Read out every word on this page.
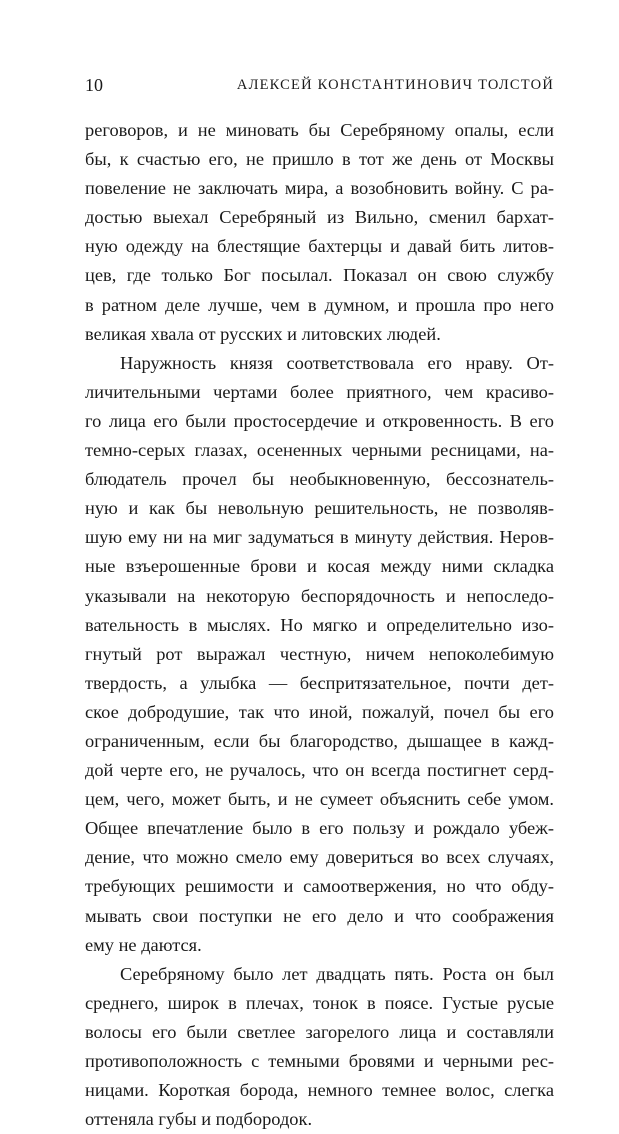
10	АЛЕКСЕЙ КОНСТАНТИНОВИЧ ТОЛСТОЙ
реговоров, и не миновать бы Серебряному опалы, если
бы, к счастью его, не пришло в тот же день от Москвы
повеление не заключать мира, а возобновить войну. С ра-
достью выехал Серебряный из Вильно, сменил бархат-
ную одежду на блестящие бахтерцы и давай бить литов-
цев, где только Бог посылал. Показал он свою службу
в ратном деле лучше, чем в думном, и прошла про него
великая хвала от русских и литовских людей.
Наружность князя соответствовала его нраву. От-
личительными чертами более приятного, чем красиво-
го лица его были простосердечие и откровенность. В его
темно-серых глазах, осененных черными ресницами, на-
блюдатель прочел бы необыкновенную, бессознатель-
ную и как бы невольную решительность, не позволяв-
шую ему ни на миг задуматься в минуту действия. Неров-
ные взъерошенные брови и косая между ними складка
указывали на некоторую беспорядочность и непоследо-
вательность в мыслях. Но мягко и определительно изо-
гнутый рот выражал честную, ничем непоколебимую
твердость, а улыбка — беспритязательное, почти дет-
ское добродушие, так что иной, пожалуй, почел бы его
ограниченным, если бы благородство, дышащее в кажд-
дой черте его, не ручалось, что он всегда постигнет серд-
цем, чего, может быть, и не сумеет объяснить себе умом.
Общее впечатление было в его пользу и рождало убеж-
дение, что можно смело ему довериться во всех случаях,
требующих решимости и самоотвержения, но что обду-
мывать свои поступки не его дело и что соображения
ему не даются.
Серебряному было лет двадцать пять. Роста он был
среднего, широк в плечах, тонок в поясе. Густые русые
волосы его были светлее загорелого лица и составляли
противоположность с темными бровями и черными рес-
ницами. Короткая борода, немного темнее волос, слегка
оттеняла губы и подбородок.
